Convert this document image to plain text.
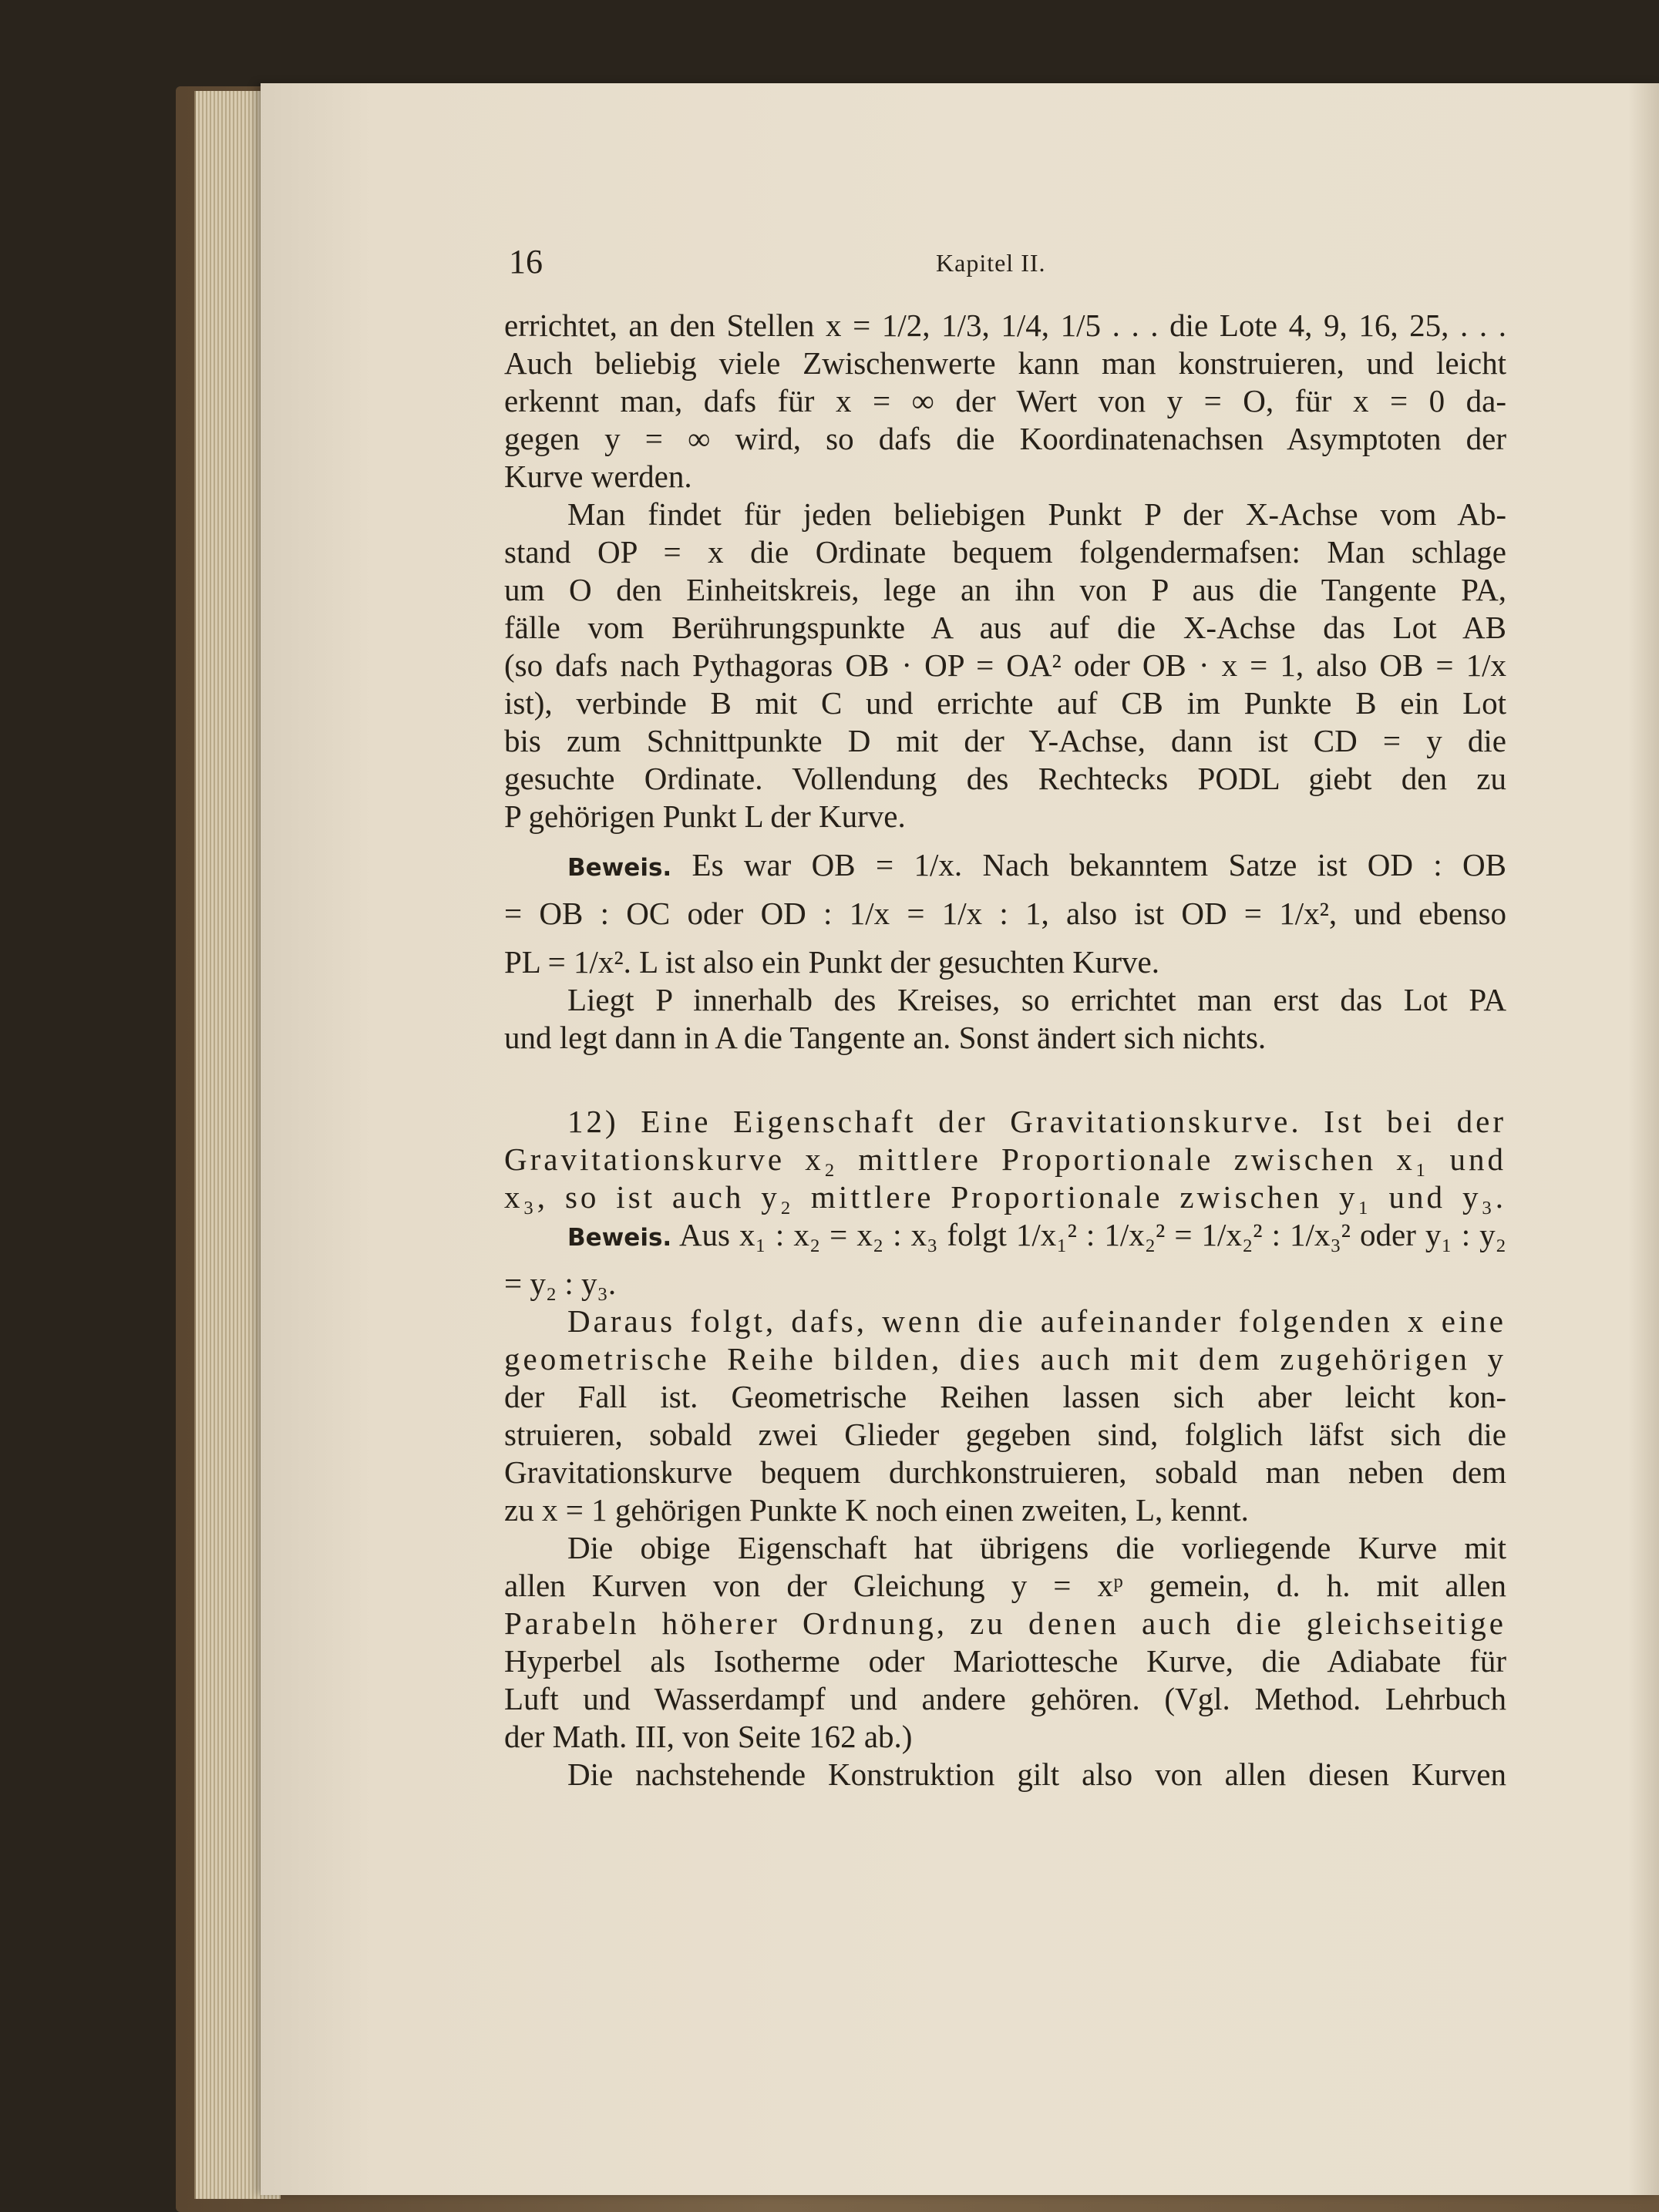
16	Kapitel II.
errichtet, an den Stellen x = 1/2, 1/3, 1/4, 1/5 . . . die Lote 4, 9, 16, 25, . . .
Auch beliebig viele Zwischenwerte kann man konstruieren, und leicht
erkennt man, dafs für x = ∞ der Wert von y = O, für x = 0 da-
gegen y = ∞ wird, so dafs die Koordinatenachsen Asymptoten der
Kurve werden.
Man findet für jeden beliebigen Punkt P der X-Achse vom Ab-
stand OP = x die Ordinate bequem folgendermafsen: Man schlage
um O den Einheitskreis, lege an ihn von P aus die Tangente PA,
fälle vom Berührungspunkte A aus auf die X-Achse das Lot AB
(so dafs nach Pythagoras OB · OP = OA² oder OB · x = 1, also OB = 1/x
ist), verbinde B mit C und errichte auf CB im Punkte B ein Lot
bis zum Schnittpunkte D mit der Y-Achse, dann ist CD = y die
gesuchte Ordinate. Vollendung des Rechtecks PODL giebt den zu
P gehörigen Punkt L der Kurve.
Beweis. Es war OB = 1/x. Nach bekanntem Satze ist OD : OB
= OB : OC oder OD : 1/x = 1/x : 1, also ist OD = 1/x², und ebenso
PL = 1/x². L ist also ein Punkt der gesuchten Kurve.
Liegt P innerhalb des Kreises, so errichtet man erst das Lot PA
und legt dann in A die Tangente an. Sonst ändert sich nichts.
12) Eine Eigenschaft der Gravitationskurve. Ist bei der
Gravitationskurve x₂ mittlere Proportionale zwischen x₁ und
x₃, so ist auch y₂ mittlere Proportionale zwischen y₁ und y₃.
Beweis. Aus x₁ : x₂ = x₂ : x₃ folgt 1/x₁² : 1/x₂² = 1/x₂² : 1/x₃² oder y₁ : y₂
= y₂ : y₃.
Daraus folgt, dafs, wenn die aufeinander folgenden x eine
geometrische Reihe bilden, dies auch mit dem zugehörigen y
der Fall ist. Geometrische Reihen lassen sich aber leicht kon-
struieren, sobald zwei Glieder gegeben sind, folglich läfst sich die
Gravitationskurve bequem durchkonstruieren, sobald man neben dem
zu x = 1 gehörigen Punkte K noch einen zweiten, L, kennt.
Die obige Eigenschaft hat übrigens die vorliegende Kurve mit
allen Kurven von der Gleichung y = xᵖ gemein, d. h. mit allen
Parabeln höherer Ordnung, zu denen auch die gleichseitige
Hyperbel als Isotherme oder Mariottesche Kurve, die Adiabate für
Luft und Wasserdampf und andere gehören. (Vgl. Method. Lehrbuch
der Math. III, von Seite 162 ab.)
Die nachstehende Konstruktion gilt also von allen diesen Kurven
